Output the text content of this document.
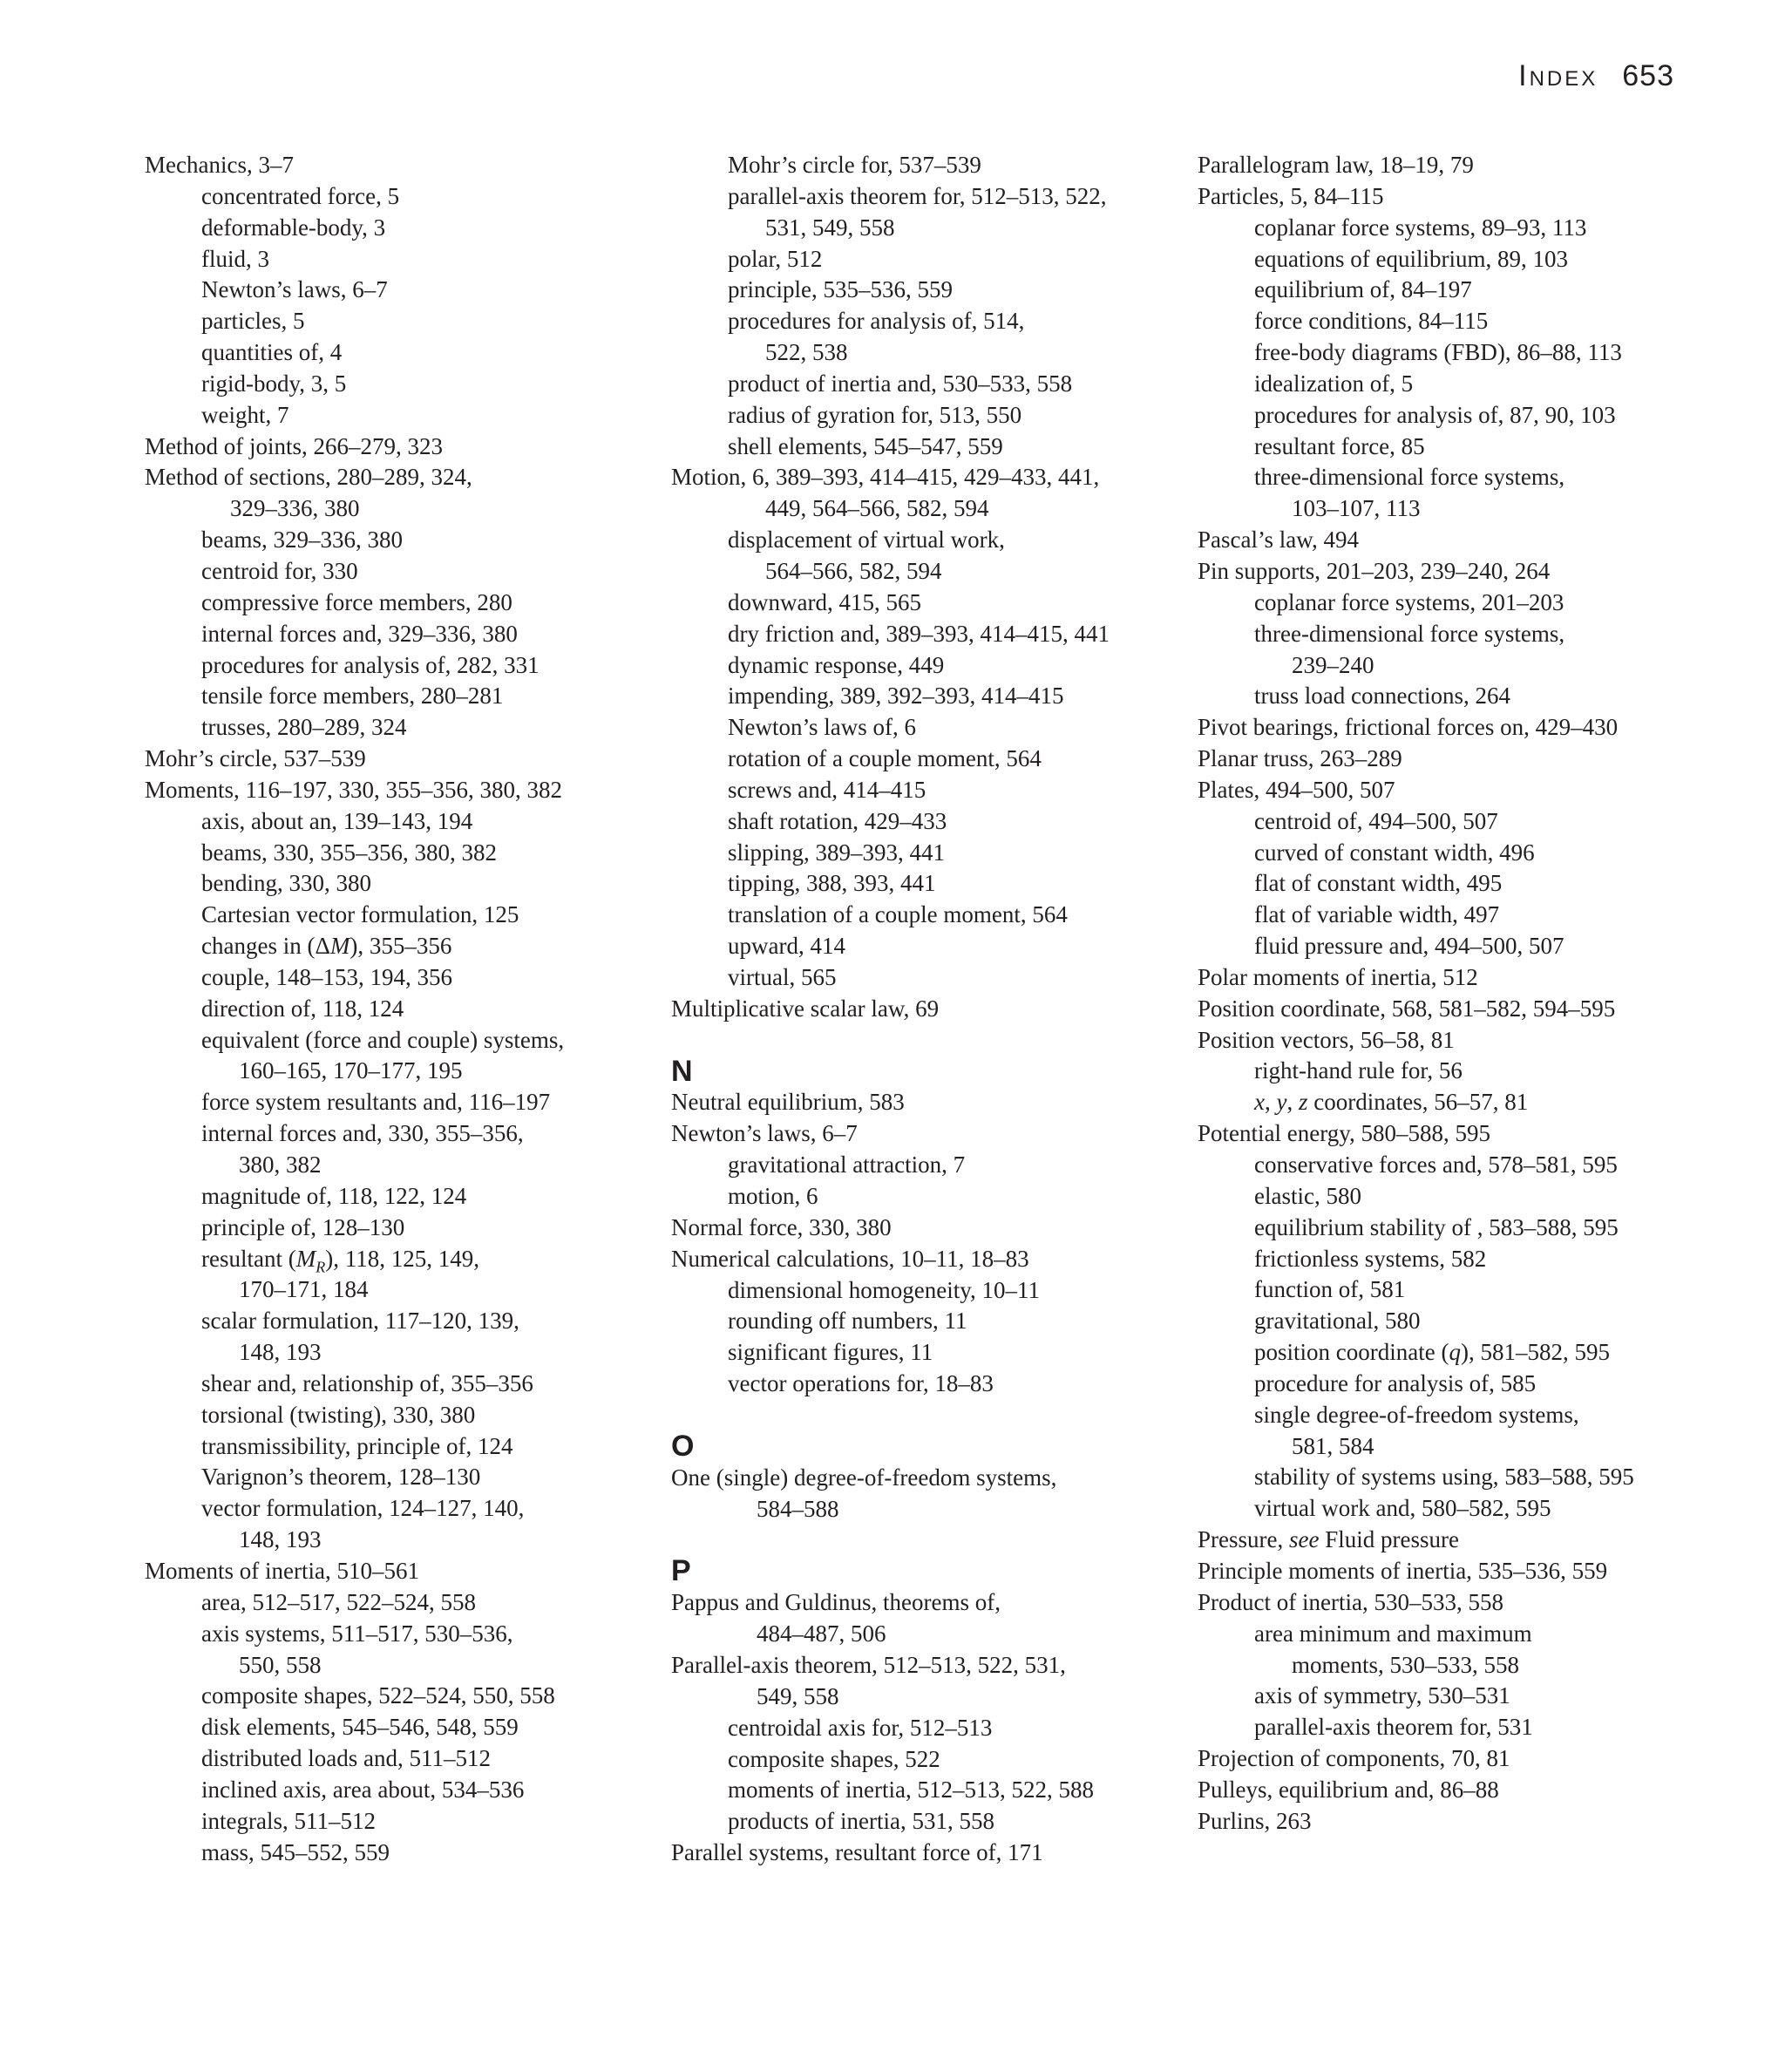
Index 653
Mechanics, 3–7
concentrated force, 5
deformable-body, 3
fluid, 3
Newton’s laws, 6–7
particles, 5
quantities of, 4
rigid-body, 3, 5
weight, 7
Method of joints, 266–279, 323
Method of sections, 280–289, 324,
329–336, 380
beams, 329–336, 380
centroid for, 330
compressive force members, 280
internal forces and, 329–336, 380
procedures for analysis of, 282, 331
tensile force members, 280–281
trusses, 280–289, 324
Mohr’s circle, 537–539
Moments, 116–197, 330, 355–356, 380, 382
axis, about an, 139–143, 194
beams, 330, 355–356, 380, 382
bending, 330, 380
Cartesian vector formulation, 125
changes in (ΔM), 355–356
couple, 148–153, 194, 356
direction of, 118, 124
equivalent (force and couple) systems,
160–165, 170–177, 195
force system resultants and, 116–197
internal forces and, 330, 355–356,
380, 382
magnitude of, 118, 122, 124
principle of, 128–130
resultant $(M_R)$, 118, 125, 149,
170–171, 184
scalar formulation, 117–120, 139,
148, 193
shear and, relationship of, 355–356
torsional (twisting), 330, 380
transmissibility, principle of, 124
Varignon’s theorem, 128–130
vector formulation, 124–127, 140,
148, 193
Moments of inertia, 510–561
area, 512–517, 522–524, 558
axis systems, 511–517, 530–536,
550, 558
composite shapes, 522–524, 550, 558
disk elements, 545–546, 548, 559
distributed loads and, 511–512
inclined axis, area about, 534–536
integrals, 511–512
mass, 545–552, 559
Mohr’s circle for, 537–539
parallel-axis theorem for, 512–513, 522,
531, 549, 558
polar, 512
principle, 535–536, 559
procedures for analysis of, 514,
522, 538
product of inertia and, 530–533, 558
radius of gyration for, 513, 550
shell elements, 545–547, 559
Motion, 6, 389–393, 414–415, 429–433, 441,
449, 564–566, 582, 594
displacement of virtual work,
564–566, 582, 594
downward, 415, 565
dry friction and, 389–393, 414–415, 441
dynamic response, 449
impending, 389, 392–393, 414–415
Newton’s laws of, 6
rotation of a couple moment, 564
screws and, 414–415
shaft rotation, 429–433
slipping, 389–393, 441
tipping, 388, 393, 441
translation of a couple moment, 564
upward, 414
virtual, 565
Multiplicative scalar law, 69
N
Neutral equilibrium, 583
Newton’s laws, 6–7
gravitational attraction, 7
motion, 6
Normal force, 330, 380
Numerical calculations, 10–11, 18–83
dimensional homogeneity, 10–11
rounding off numbers, 11
significant figures, 11
vector operations for, 18–83
O
One (single) degree-of-freedom systems,
584–588
P
Pappus and Guldinus, theorems of,
484–487, 506
Parallel-axis theorem, 512–513, 522, 531,
549, 558
centroidal axis for, 512–513
composite shapes, 522
moments of inertia, 512–513, 522, 588
products of inertia, 531, 558
Parallel systems, resultant force of, 171
Parallelogram law, 18–19, 79
Particles, 5, 84–115
coplanar force systems, 89–93, 113
equations of equilibrium, 89, 103
equilibrium of, 84–197
force conditions, 84–115
free-body diagrams (FBD), 86–88, 113
idealization of, 5
procedures for analysis of, 87, 90, 103
resultant force, 85
three-dimensional force systems,
103–107, 113
Pascal’s law, 494
Pin supports, 201–203, 239–240, 264
coplanar force systems, 201–203
three-dimensional force systems,
239–240
truss load connections, 264
Pivot bearings, frictional forces on, 429–430
Planar truss, 263–289
Plates, 494–500, 507
centroid of, 494–500, 507
curved of constant width, 496
flat of constant width, 495
flat of variable width, 497
fluid pressure and, 494–500, 507
Polar moments of inertia, 512
Position coordinate, 568, 581–582, 594–595
Position vectors, 56–58, 81
right-hand rule for, 56
x, y, z coordinates, 56–57, 81
Potential energy, 580–588, 595
conservative forces and, 578–581, 595
elastic, 580
equilibrium stability of , 583–588, 595
frictionless systems, 582
function of, 581
gravitational, 580
position coordinate (q), 581–582, 595
procedure for analysis of, 585
single degree-of-freedom systems,
581, 584
stability of systems using, 583–588, 595
virtual work and, 580–582, 595
Pressure, see Fluid pressure
Principle moments of inertia, 535–536, 559
Product of inertia, 530–533, 558
area minimum and maximum
moments, 530–533, 558
axis of symmetry, 530–531
parallel-axis theorem for, 531
Projection of components, 70, 81
Pulleys, equilibrium and, 86–88
Purlins, 263
